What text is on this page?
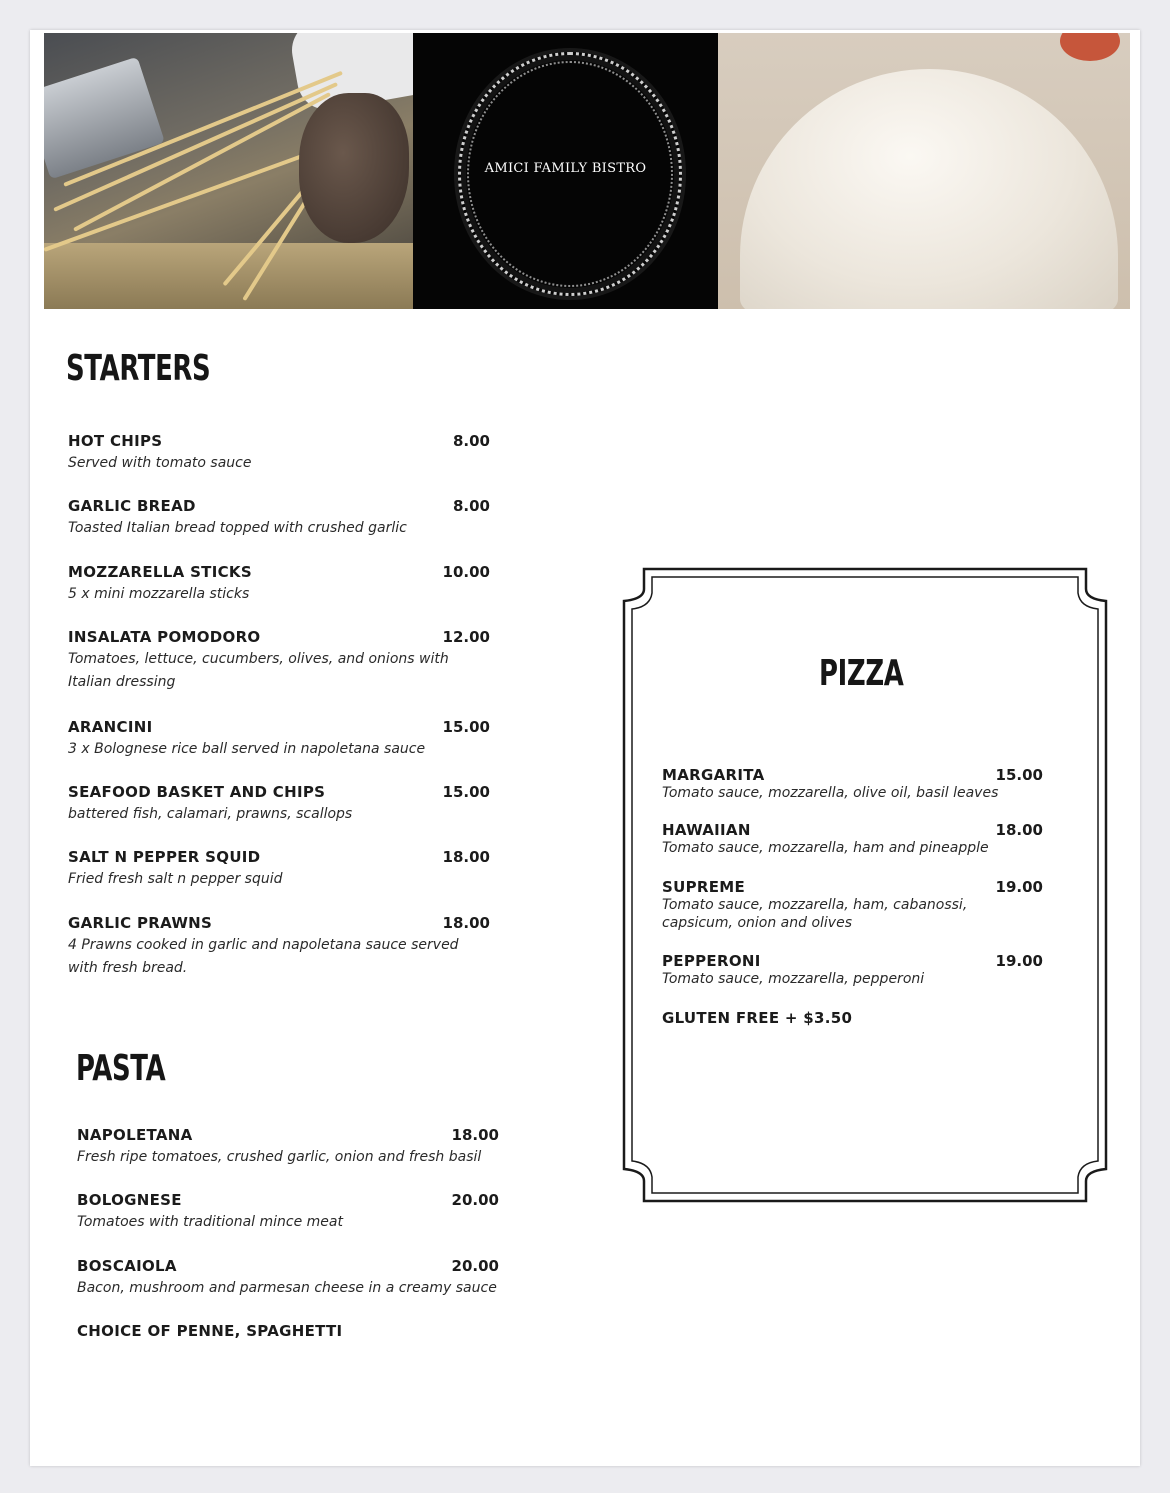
AMICI FAMILY BISTRO
STARTERS
HOT CHIPS	8.00
Served with tomato sauce
GARLIC BREAD	8.00
Toasted Italian bread topped with crushed garlic
MOZZARELLA STICKS	10.00
5 x mini mozzarella sticks
INSALATA POMODORO	12.00
Tomatoes, lettuce, cucumbers, olives, and onions with Italian dressing
ARANCINI	15.00
3 x Bolognese rice ball served in napoletana sauce
SEAFOOD BASKET AND CHIPS	15.00
battered fish, calamari, prawns, scallops
SALT N PEPPER SQUID	18.00
Fried fresh salt n pepper squid
GARLIC PRAWNS	18.00
4 Prawns cooked in garlic and napoletana sauce served with fresh bread.
PASTA
NAPOLETANA	18.00
Fresh ripe tomatoes, crushed garlic, onion and fresh basil
BOLOGNESE	20.00
Tomatoes with traditional mince meat
BOSCAIOLA	20.00
Bacon, mushroom and parmesan cheese in a creamy sauce
CHOICE OF PENNE, SPAGHETTI
PIZZA
MARGARITA	15.00
Tomato sauce, mozzarella, olive oil, basil leaves
HAWAIIAN	18.00
Tomato sauce, mozzarella, ham and pineapple
SUPREME	19.00
Tomato sauce, mozzarella, ham, cabanossi, capsicum, onion and olives
PEPPERONI	19.00
Tomato sauce, mozzarella, pepperoni
GLUTEN FREE + $3.50
